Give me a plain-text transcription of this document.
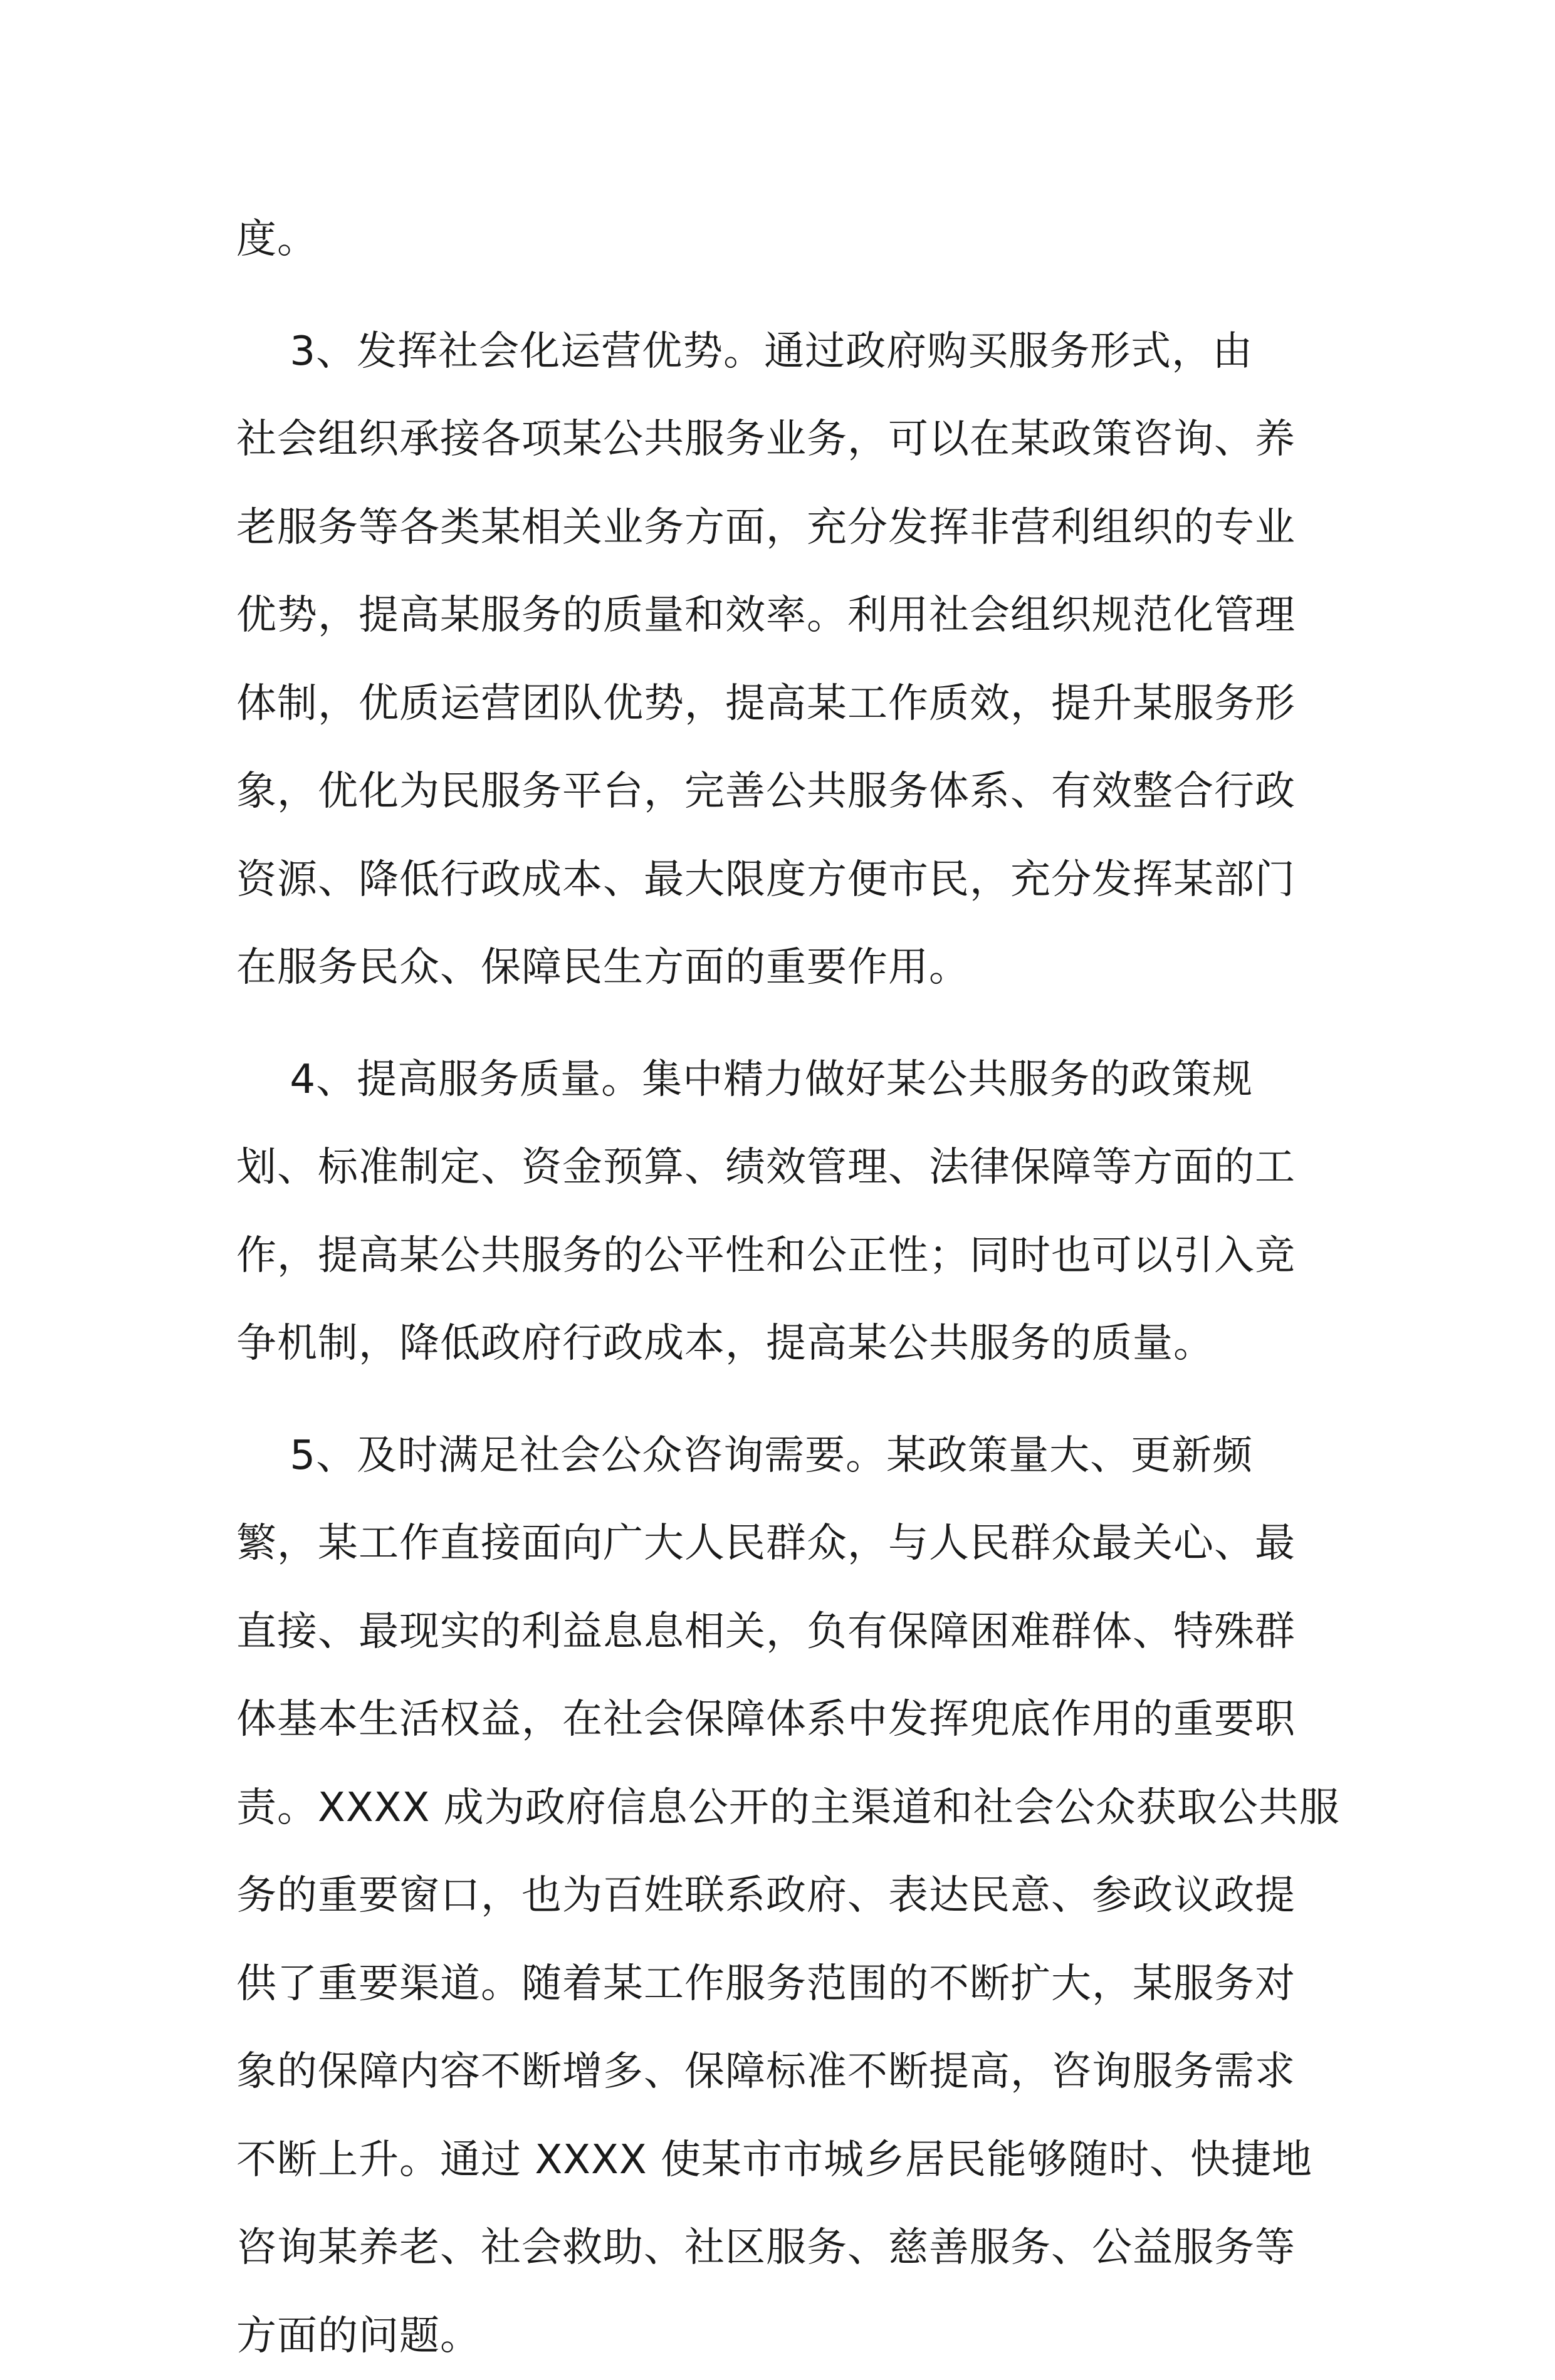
度。
3、发挥社会化运营优势。通过政府购买服务形式，由
社会组织承接各项某公共服务业务，可以在某政策咨询、养
老服务等各类某相关业务方面，充分发挥非营利组织的专业
优势，提高某服务的质量和效率。利用社会组织规范化管理
体制，优质运营团队优势，提高某工作质效，提升某服务形
象，优化为民服务平台，完善公共服务体系、有效整合行政
资源、降低行政成本、最大限度方便市民，充分发挥某部门
在服务民众、保障民生方面的重要作用。
4、提高服务质量。集中精力做好某公共服务的政策规
划、标准制定、资金预算、绩效管理、法律保障等方面的工
作，提高某公共服务的公平性和公正性；同时也可以引入竞
争机制，降低政府行政成本，提高某公共服务的质量。
5、及时满足社会公众咨询需要。某政策量大、更新频
繁，某工作直接面向广大人民群众，与人民群众最关心、最
直接、最现实的利益息息相关，负有保障困难群体、特殊群
体基本生活权益，在社会保障体系中发挥兜底作用的重要职
责。XXXX 成为政府信息公开的主渠道和社会公众获取公共服
务的重要窗口，也为百姓联系政府、表达民意、参政议政提
供了重要渠道。随着某工作服务范围的不断扩大，某服务对
象的保障内容不断增多、保障标准不断提高，咨询服务需求
不断上升。通过 XXXX 使某市市城乡居民能够随时、快捷地
咨询某养老、社会救助、社区服务、慈善服务、公益服务等
方面的问题。
